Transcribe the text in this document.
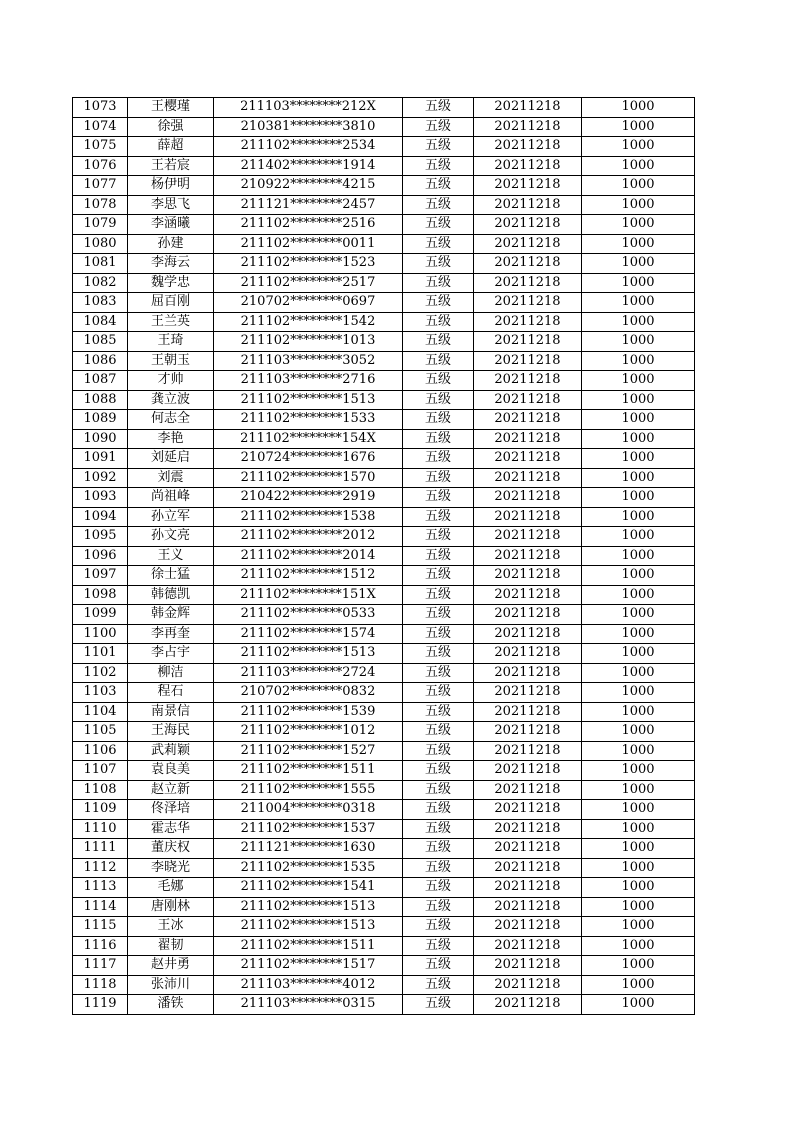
1073	王樱瑾	211103********212X	五级	20211218	1000
1074	徐强	210381********3810	五级	20211218	1000
1075	薛超	211102********2534	五级	20211218	1000
1076	王若宸	211402********1914	五级	20211218	1000
1077	杨伊明	210922********4215	五级	20211218	1000
1078	李思飞	211121********2457	五级	20211218	1000
1079	李涵曦	211102********2516	五级	20211218	1000
1080	孙建	211102********0011	五级	20211218	1000
1081	李海云	211102********1523	五级	20211218	1000
1082	魏学忠	211102********2517	五级	20211218	1000
1083	屈百刚	210702********0697	五级	20211218	1000
1084	王兰英	211102********1542	五级	20211218	1000
1085	王琦	211102********1013	五级	20211218	1000
1086	王朝玉	211103********3052	五级	20211218	1000
1087	才帅	211103********2716	五级	20211218	1000
1088	龚立波	211102********1513	五级	20211218	1000
1089	何志全	211102********1533	五级	20211218	1000
1090	李艳	211102********154X	五级	20211218	1000
1091	刘延启	210724********1676	五级	20211218	1000
1092	刘震	211102********1570	五级	20211218	1000
1093	尚祖峰	210422********2919	五级	20211218	1000
1094	孙立军	211102********1538	五级	20211218	1000
1095	孙文亮	211102********2012	五级	20211218	1000
1096	王义	211102********2014	五级	20211218	1000
1097	徐士猛	211102********1512	五级	20211218	1000
1098	韩德凯	211102********151X	五级	20211218	1000
1099	韩金辉	211102********0533	五级	20211218	1000
1100	李再奎	211102********1574	五级	20211218	1000
1101	李占宇	211102********1513	五级	20211218	1000
1102	柳洁	211103********2724	五级	20211218	1000
1103	程石	210702********0832	五级	20211218	1000
1104	南景信	211102********1539	五级	20211218	1000
1105	王海民	211102********1012	五级	20211218	1000
1106	武莉颖	211102********1527	五级	20211218	1000
1107	袁良美	211102********1511	五级	20211218	1000
1108	赵立新	211102********1555	五级	20211218	1000
1109	佟泽培	211004********0318	五级	20211218	1000
1110	霍志华	211102********1537	五级	20211218	1000
1111	董庆权	211121********1630	五级	20211218	1000
1112	李晓光	211102********1535	五级	20211218	1000
1113	毛娜	211102********1541	五级	20211218	1000
1114	唐刚林	211102********1513	五级	20211218	1000
1115	王冰	211102********1513	五级	20211218	1000
1116	翟韧	211102********1511	五级	20211218	1000
1117	赵井勇	211102********1517	五级	20211218	1000
1118	张沛川	211103********4012	五级	20211218	1000
1119	潘铁	211103********0315	五级	20211218	1000
